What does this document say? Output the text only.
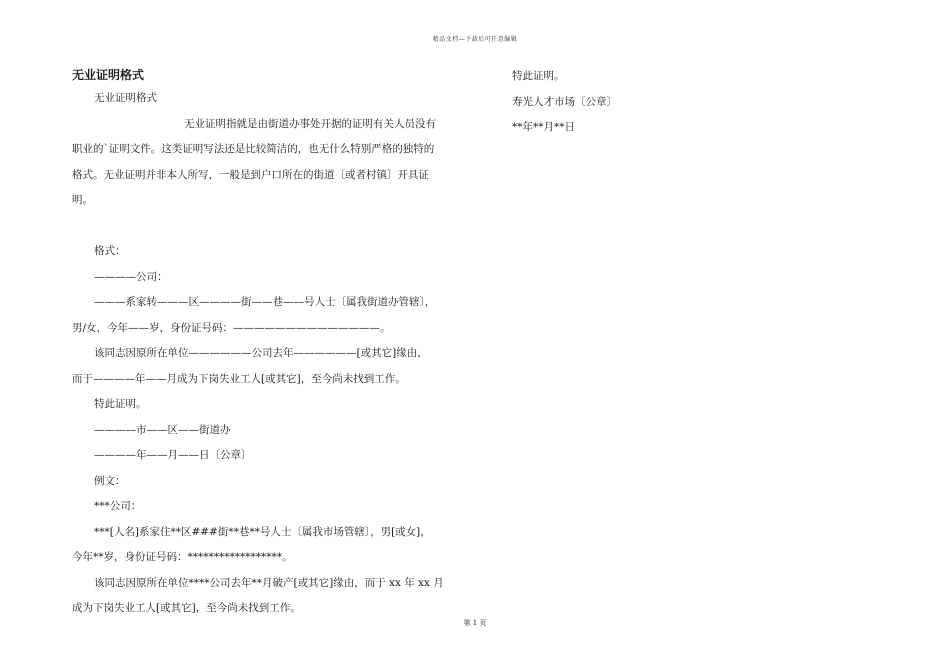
精品文档—下载后可任意编辑
无业证明格式
无业证明格式
无业证明指就是由街道办事处开据的证明有关人员没有
职业的`证明文件。这类证明写法还是比较简洁的，也无什么特别严格的独特的
格式。无业证明并非本人所写，一般是到户口所在的街道〔或者村镇〕开具证
明。
格式：
————公司：
———系家转———区————街——巷——号人士〔属我街道办管辖〕，
男/女，今年——岁，身份证号码：——————————————。
该同志因原所在单位——————公司去年——————[或其它]缘由，
而于————年——月成为下岗失业工人[或其它]，至今尚未找到工作。
特此证明。
————市——区——街道办
————年——月——日〔公章〕
例文：
***公司：
***[人名]系家住**区###街**巷**号人士〔属我市场管辖〕，男[或女]，
今年**岁，身份证号码：******************。
该同志因原所在单位****公司去年**月破产[或其它]缘由，而于 xx 年 xx 月
成为下岗失业工人[或其它]，至今尚未找到工作。
特此证明。
寿光人才市场〔公章〕
**年**月**日
第 1 页
